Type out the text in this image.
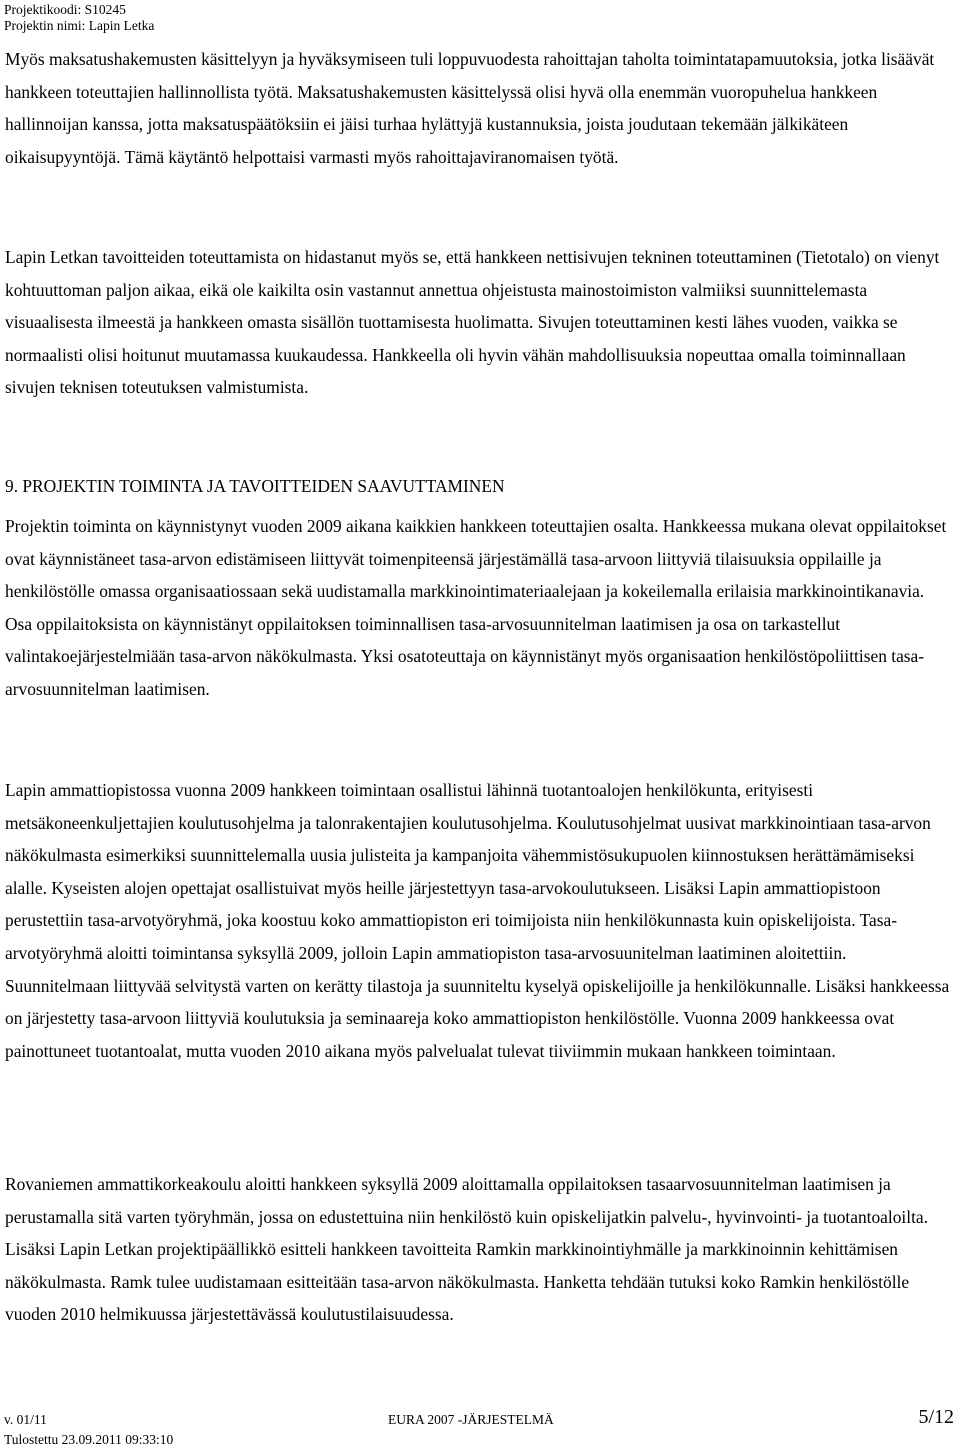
Projektikoodi: S10245
Projektin nimi: Lapin Letka

Myös maksatushakemusten käsittelyyn ja hyväksymiseen tuli loppuvuodesta rahoittajan taholta toimintatapamuutoksia, jotka lisäävät hankkeen toteuttajien hallinnollista työtä. Maksatushakemusten käsittelyssä olisi hyvä olla enemmän vuoropuhelua hankkeen hallinnoijan kanssa, jotta maksatuspäätöksiin ei jäisi turhaa hylättyjä kustannuksia, joista joudutaan tekemään jälkikäteen oikaisupyyntöjä. Tämä käytäntö helpottaisi varmasti myös rahoittajaviranomaisen työtä.

Lapin Letkan tavoitteiden toteuttamista on hidastanut myös se, että hankkeen nettisivujen tekninen toteuttaminen (Tietotalo) on vienyt kohtuuttoman paljon aikaa, eikä ole kaikilta osin vastannut annettua ohjeistusta mainostoimiston valmiiksi suunnittelemasta visuaalisesta ilmeestä ja hankkeen omasta sisällön tuottamisesta huolimatta. Sivujen toteuttaminen kesti lähes vuoden, vaikka se normaalisti olisi hoitunut muutamassa kuukaudessa. Hankkeella oli hyvin vähän mahdollisuuksia nopeuttaa omalla toiminnallaan sivujen teknisen toteutuksen valmistumista.

9. PROJEKTIN TOIMINTA JA TAVOITTEIDEN SAAVUTTAMINEN

Projektin toiminta on käynnistynyt vuoden 2009 aikana kaikkien hankkeen toteuttajien osalta. Hankkeessa mukana olevat oppilaitokset ovat käynnistäneet tasa-arvon edistämiseen liittyvät toimenpiteensä järjestämällä tasa-arvoon liittyviä tilaisuuksia oppilaille ja henkilöstölle omassa organisaatiossaan sekä uudistamalla markkinointimateriaalejaan ja kokeilemalla erilaisia markkinointikanavia. Osa oppilaitoksista on käynnistänyt oppilaitoksen toiminnallisen tasa-arvosuunnitelman laatimisen ja osa on tarkastellut valintakoejärjestelmiään tasa-arvon näkökulmasta. Yksi osatoteuttaja on käynnistänyt myös organisaation henkilöstöpoliittisen tasa-arvosuunnitelman laatimisen.

Lapin ammattiopistossa vuonna 2009 hankkeen toimintaan osallistui lähinnä tuotantoalojen henkilökunta, erityisesti metsäkoneenkuljettajien koulutusohjelma ja talonrakentajien koulutusohjelma. Koulutusohjelmat uusivat markkinointiaan tasa-arvon näkökulmasta esimerkiksi suunnittelemalla uusia julisteita ja kampanjoita vähemmistösukupuolen kiinnostuksen herättämämiseksi alalle. Kyseisten alojen opettajat osallistuivat myös heille järjestettyyn tasa-arvokoulutukseen. Lisäksi Lapin ammattiopistoon perustettiin tasa-arvotyöryhmä, joka koostuu koko ammattiopiston eri toimijoista niin henkilökunnasta kuin opiskelijoista. Tasa-arvotyöryhmä aloitti toimintansa syksyllä 2009, jolloin Lapin ammatiopiston tasa-arvosuunitelman laatiminen aloitettiin. Suunnitelmaan liittyvää selvitystä varten on kerätty tilastoja ja suunniteltu kyselyä opiskelijoille ja henkilökunnalle. Lisäksi hankkeessa on järjestetty tasa-arvoon liittyviä koulutuksia ja seminaareja koko ammattiopiston henkilöstölle. Vuonna 2009 hankkeessa ovat painottuneet tuotantoalat, mutta vuoden 2010 aikana myös palvelualat tulevat tiiviimmin mukaan hankkeen toimintaan.

Rovaniemen ammattikorkeakoulu aloitti hankkeen syksyllä 2009 aloittamalla oppilaitoksen tasaarvosuunnitelman laatimisen ja perustamalla sitä varten työryhmän, jossa on edustettuina niin henkilöstö kuin opiskelijatkin palvelu-, hyvinvointi- ja tuotantoaloilta. Lisäksi Lapin Letkan projektipäällikkö esitteli hankkeen tavoitteita Ramkin markkinointiyhmälle ja markkinoinnin kehittämisen näkökulmasta. Ramk tulee uudistamaan esitteitään tasa-arvon näkökulmasta. Hanketta tehdään tutuksi koko Ramkin henkilöstölle vuoden 2010 helmikuussa järjestettävässä koulutustilaisuudessa.

v. 01/11
Tulostettu 23.09.2011 09:33:10
EURA 2007 -JÄRJESTELMÄ	5/12
